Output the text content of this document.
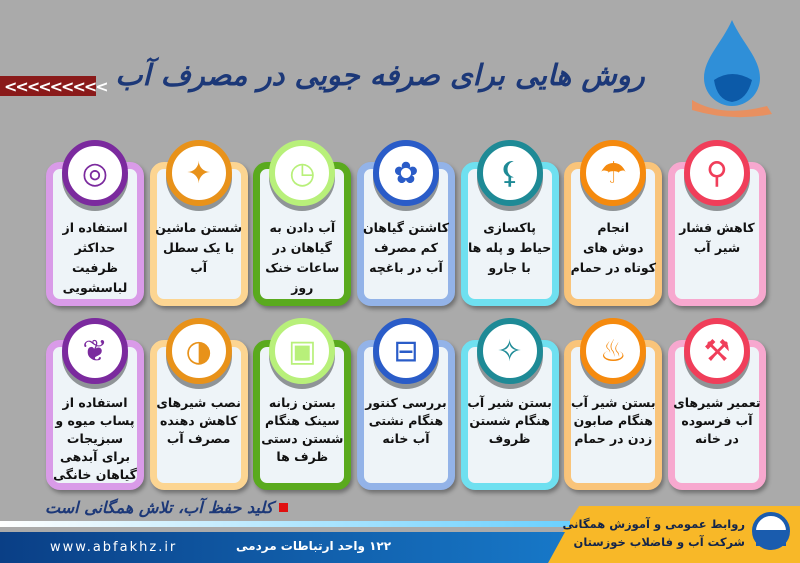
<<<<<<<<< روش هایی برای صرفه جویی در مصرف آب
⚲
کاهش فشار
شیر آب
☂
انجام
دوش های
کوتاه در حمام
⚸
پاکسازی
حیاط و پله ها
با جارو
✿
کاشتن گیاهان
کم مصرف
آب در باغچه
◷
آب دادن به
گیاهان در
ساعات خنک
روز
✦
شستن ماشین
با یک سطل
آب
◎
استفاده از
حداکثر
ظرفیت
لباسشویی
⚒
تعمیر شیرهای
آب فرسوده
در خانه
♨
بستن شیر آب
هنگام صابون
زدن در حمام
✧
بستن شیر آب
هنگام شستن
ظروف
⊟
بررسی کنتور
هنگام نشتی
آب خانه
▣
بستن زبانه
سینک هنگام
شستن دستی
ظرف ها
◑
نصب شیرهای
کاهش دهنده
مصرف آب
❦
استفاده از
پساب میوه و
سبزیجات
برای آبدهی
گیاهان خانگی
کلید حفظ آب، تلاش همگانی است
www.abfakhz.ir	۱۲۲ واحد ارتباطات مردمی
روابط عمومی و آموزش همگانی
شرکت آب و فاضلاب خوزستان
